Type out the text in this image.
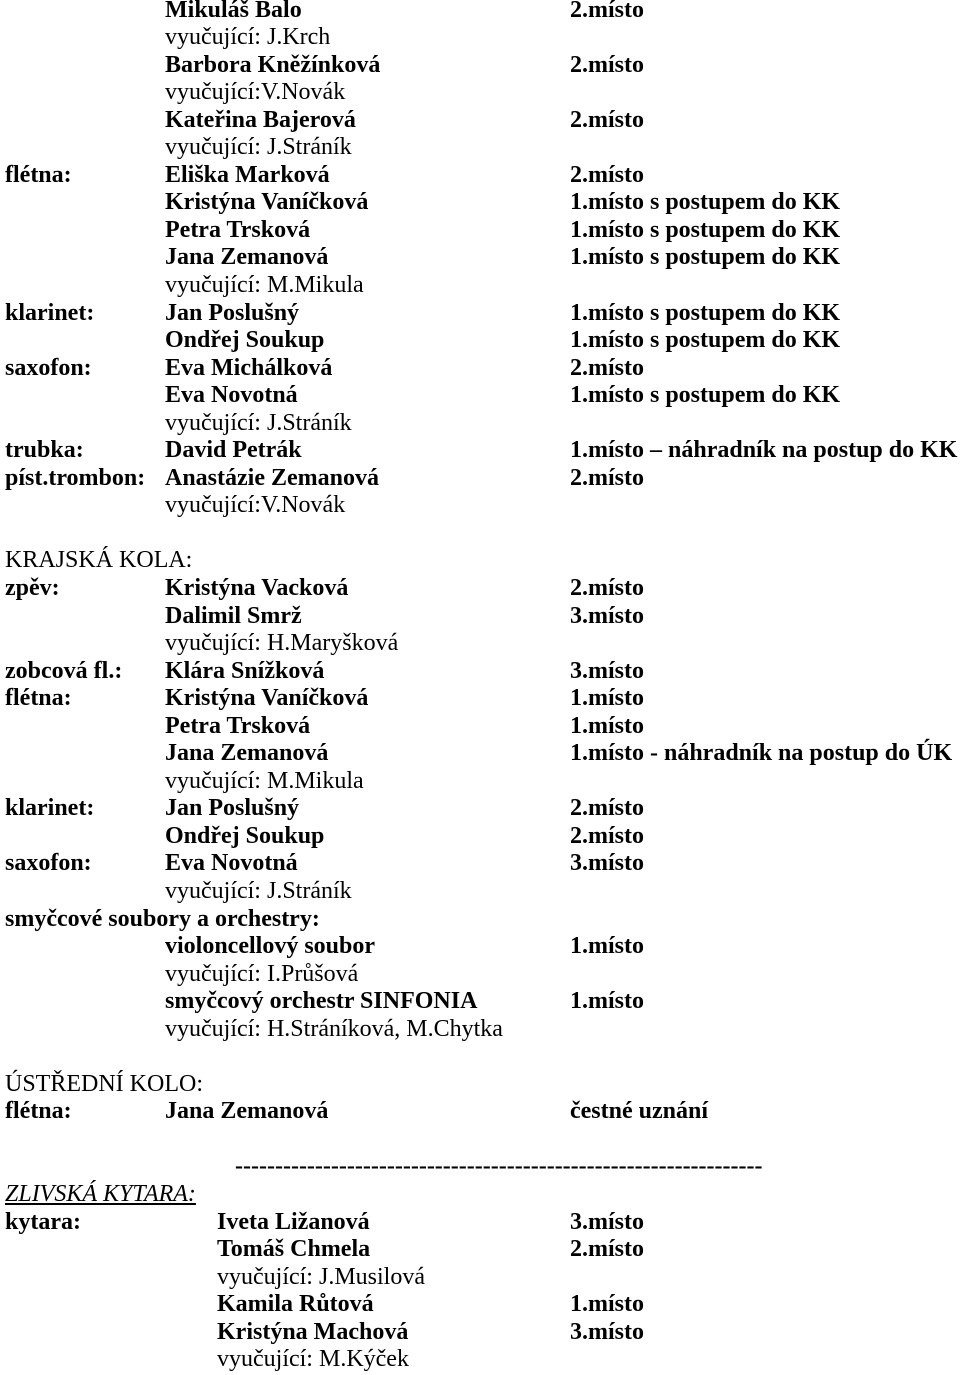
Mikuláš Balo	2.místo
vyučující: J.Krch
Barbora Kněžínková	2.místo
vyučující:V.Novák
Kateřina Bajerová	2.místo
vyučující: J.Stráník
flétna:	Eliška Marková	2.místo
Kristýna Vaníčková	1.místo s postupem do KK
Petra Trsková	1.místo s postupem do KK
Jana Zemanová	1.místo s postupem do KK
vyučující: M.Mikula
klarinet:	Jan Poslušný	1.místo s postupem do KK
Ondřej Soukup	1.místo s postupem do KK
saxofon:	Eva Michálková	2.místo
Eva Novotná	1.místo s postupem do KK
vyučující: J.Stráník
trubka:	David Petrák	1.místo – náhradník na postup do KK
píst.trombon: Anastázie Zemanová	2.místo
vyučující:V.Novák
KRAJSKÁ KOLA:
zpěv:	Kristýna Vacková	2.místo
Dalimil Smrž	3.místo
vyučující: H.Maryšková
zobcová fl.: Klára Snížková	3.místo
flétna:	Kristýna Vaníčková	1.místo
Petra Trsková	1.místo
Jana Zemanová	1.místo - náhradník na postup do ÚK
vyučující: M.Mikula
klarinet:	Jan Poslušný	2.místo
Ondřej Soukup	2.místo
saxofon:	Eva Novotná	3.místo
vyučující: J.Stráník
smyčcové soubory a orchestry:
violoncellový soubor	1.místo
vyučující: I.Průšová
smyčcový orchestr SINFONIA	1.místo
vyučující: H.Stráníková, M.Chytka
ÚSTŘEDNÍ KOLO:
flétna:	Jana Zemanová	čestné uznání
------------------------------------------------------------------
ZLIVSKÁ KYTARA:
kytara:	Iveta Ližanová	3.místo
Tomáš Chmela	2.místo
vyučující: J.Musilová
Kamila Růtová	1.místo
Kristýna Machová	3.místo
vyučující: M.Kýček
